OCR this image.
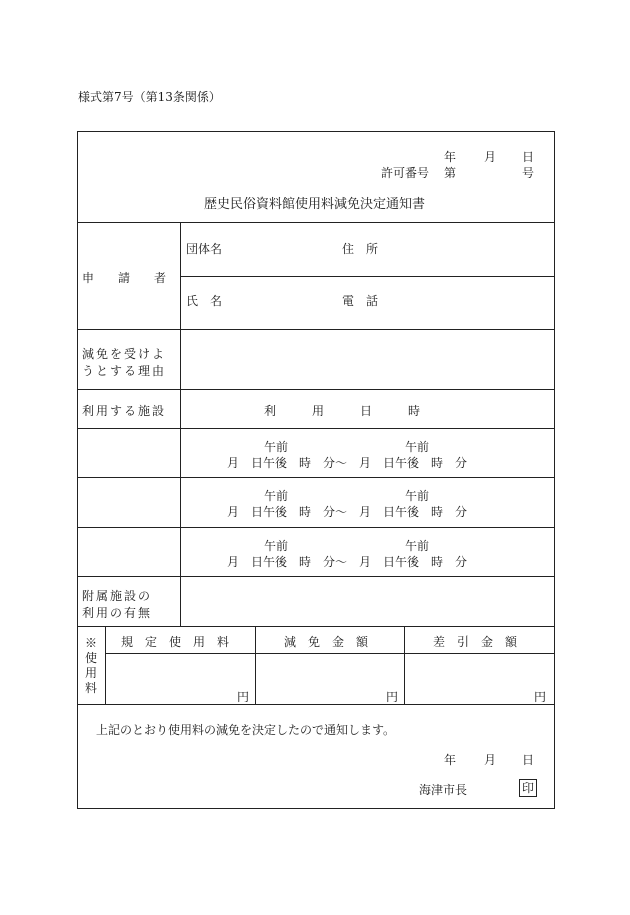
様式第7号（第13条関係）
年 月 日
許可番号 第	号
歴史民俗資料館使用料減免決定通知書
申　　請　　者
団体名	住　所
氏　名	電　話
減免を受けよ
うとする理由
利用する施設	利　　　用　　　日　　　時
午前	午前
月　日午後　時　分～　月　日午後　時　分
午前	午前
月　日午後　時　分～　月　日午後　時　分
午前	午前
月　日午後　時　分～　月　日午後　時　分
附属施設の
利用の有無
※使用料
規　定　使　用　料	減　免　金　額	差　引　金　額
円	円	円
上記のとおり使用料の減免を決定したので通知します。
年 月 日
海津市長	印
